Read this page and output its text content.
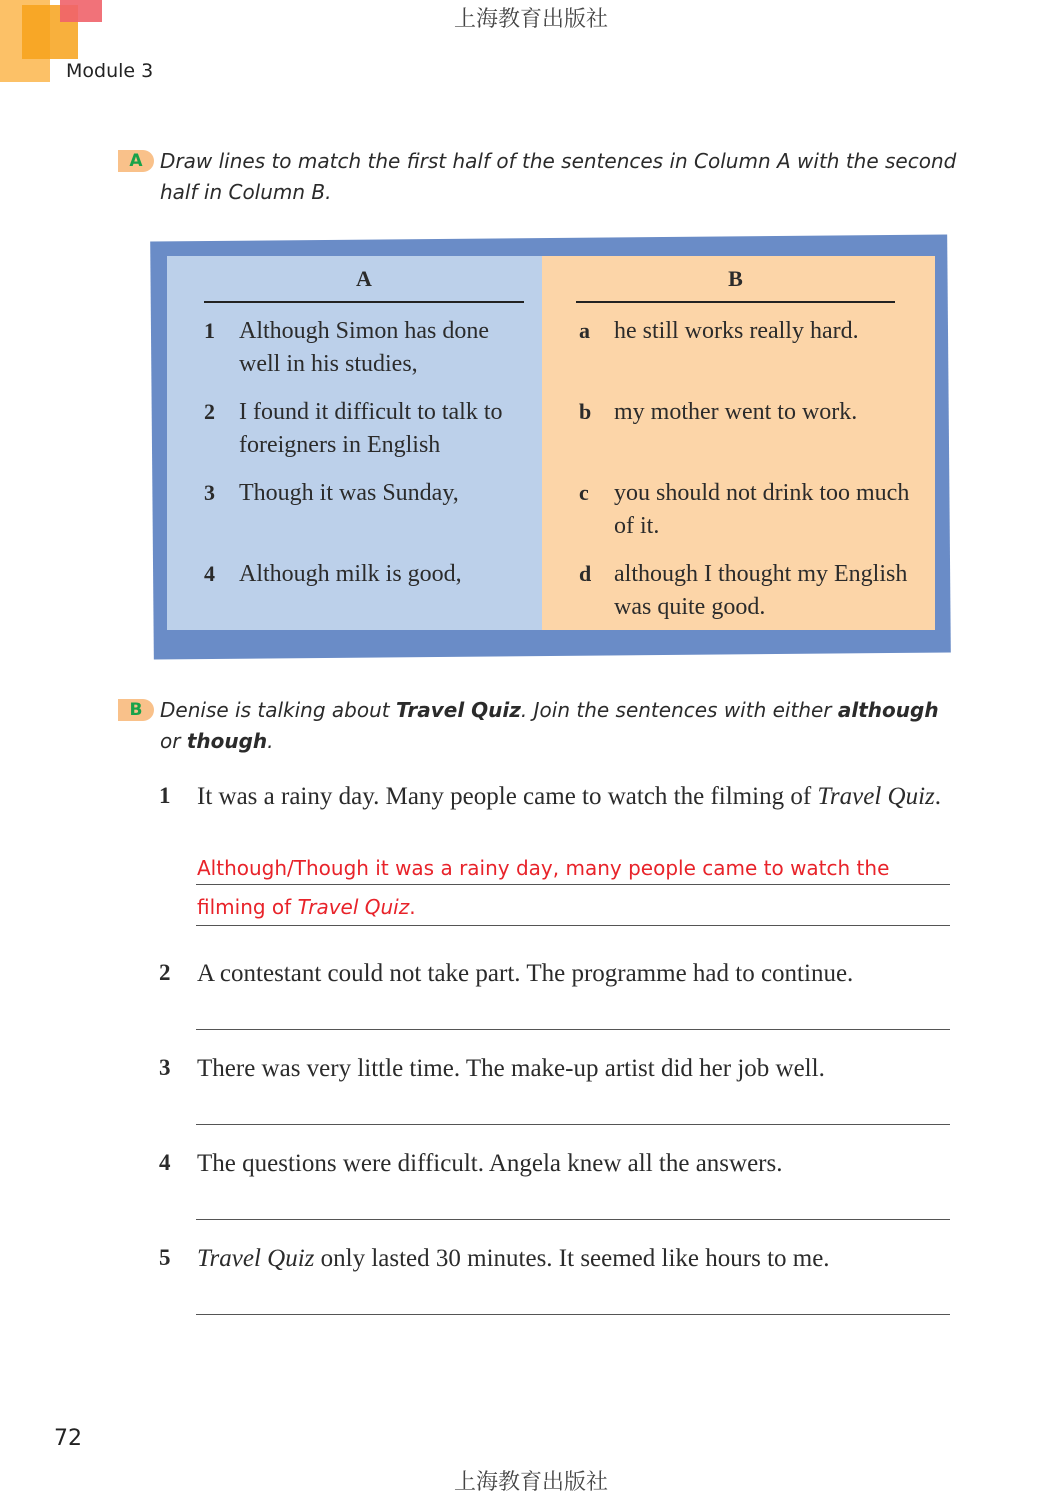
上海教育出版社
Module 3
A Draw lines to match the first half of the sentences in Column A with the second half in Column B.
A	B
1 Although Simon has done well in his studies,
2 I found it difficult to talk to foreigners in English
3 Though it was Sunday,
4 Although milk is good,
a he still works really hard.
b my mother went to work.
c you should not drink too much of it.
d although I thought my English was quite good.
B Denise is talking about Travel Quiz. Join the sentences with either although or though.
1 It was a rainy day. Many people came to watch the filming of Travel Quiz.
Although/Though it was a rainy day, many people came to watch the
filming of Travel Quiz.
2 A contestant could not take part. The programme had to continue.
3 There was very little time. The make-up artist did her job well.
4 The questions were difficult. Angela knew all the answers.
5 Travel Quiz only lasted 30 minutes. It seemed like hours to me.
72
上海教育出版社
